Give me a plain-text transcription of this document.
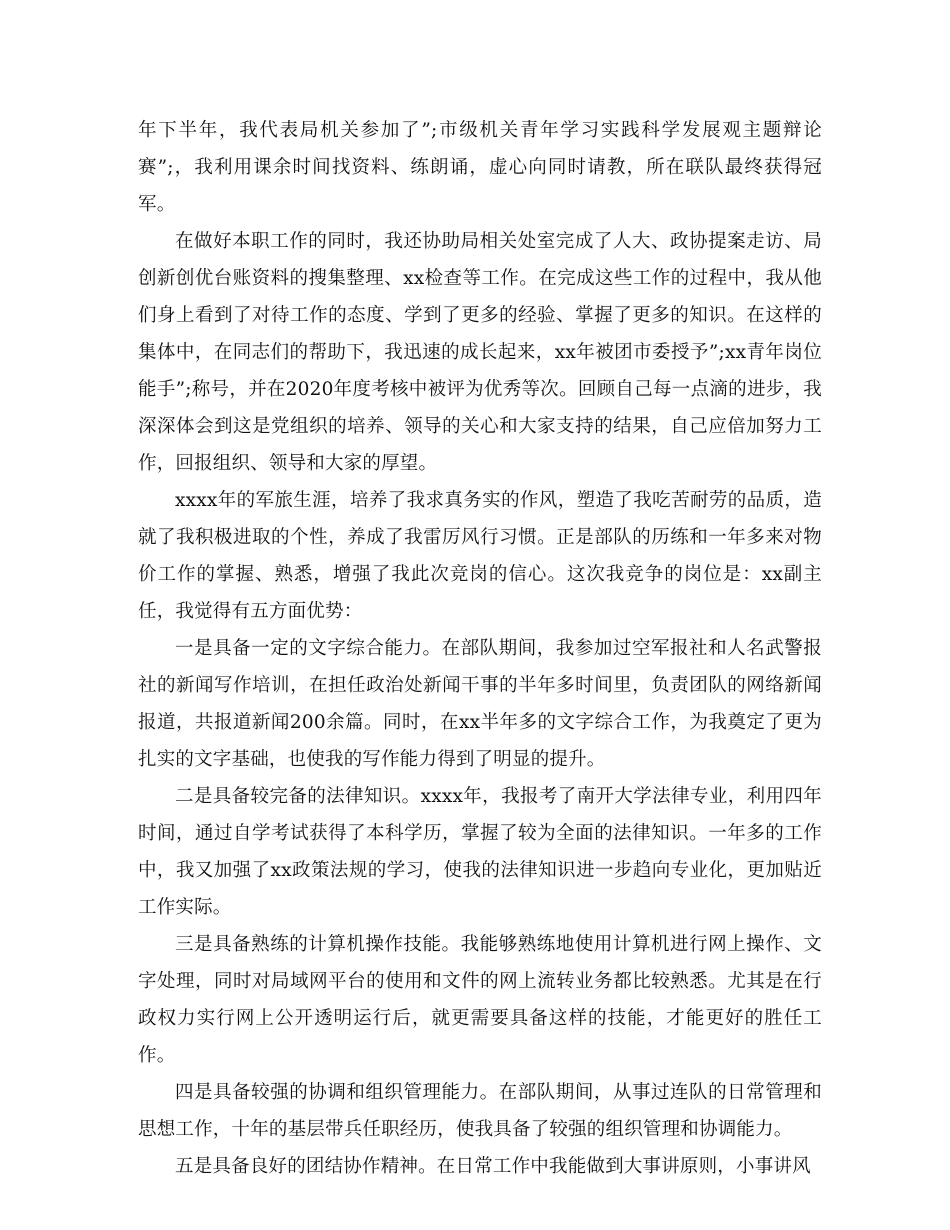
年下半年，我代表局机关参加了”;市级机关青年学习实践科学发展观主题辩论赛”;，我利用课余时间找资料、练朗诵，虚心向同时请教，所在联队最终获得冠军。

在做好本职工作的同时，我还协助局相关处室完成了人大、政协提案走访、局创新创优台账资料的搜集整理、xx检查等工作。在完成这些工作的过程中，我从他们身上看到了对待工作的态度、学到了更多的经验、掌握了更多的知识。在这样的集体中，在同志们的帮助下，我迅速的成长起来，xx年被团市委授予”;xx青年岗位能手”;称号，并在2020年度考核中被评为优秀等次。回顾自己每一点滴的进步，我深深体会到这是党组织的培养、领导的关心和大家支持的结果，自己应倍加努力工作，回报组织、领导和大家的厚望。

xxxx年的军旅生涯，培养了我求真务实的作风，塑造了我吃苦耐劳的品质，造就了我积极进取的个性，养成了我雷厉风行习惯。正是部队的历练和一年多来对物价工作的掌握、熟悉，增强了我此次竞岗的信心。这次我竞争的岗位是：xx副主任，我觉得有五方面优势：

一是具备一定的文字综合能力。在部队期间，我参加过空军报社和人名武警报社的新闻写作培训，在担任政治处新闻干事的半年多时间里，负责团队的网络新闻报道，共报道新闻200余篇。同时，在xx半年多的文字综合工作，为我奠定了更为扎实的文字基础，也使我的写作能力得到了明显的提升。

二是具备较完备的法律知识。xxxx年，我报考了南开大学法律专业，利用四年时间，通过自学考试获得了本科学历，掌握了较为全面的法律知识。一年多的工作中，我又加强了xx政策法规的学习，使我的法律知识进一步趋向专业化，更加贴近工作实际。

三是具备熟练的计算机操作技能。我能够熟练地使用计算机进行网上操作、文字处理，同时对局域网平台的使用和文件的网上流转业务都比较熟悉。尤其是在行政权力实行网上公开透明运行后，就更需要具备这样的技能，才能更好的胜任工作。

四是具备较强的协调和组织管理能力。在部队期间，从事过连队的日常管理和思想工作，十年的基层带兵任职经历，使我具备了较强的组织管理和协调能力。

五是具备良好的团结协作精神。在日常工作中我能做到大事讲原则，小事讲风
